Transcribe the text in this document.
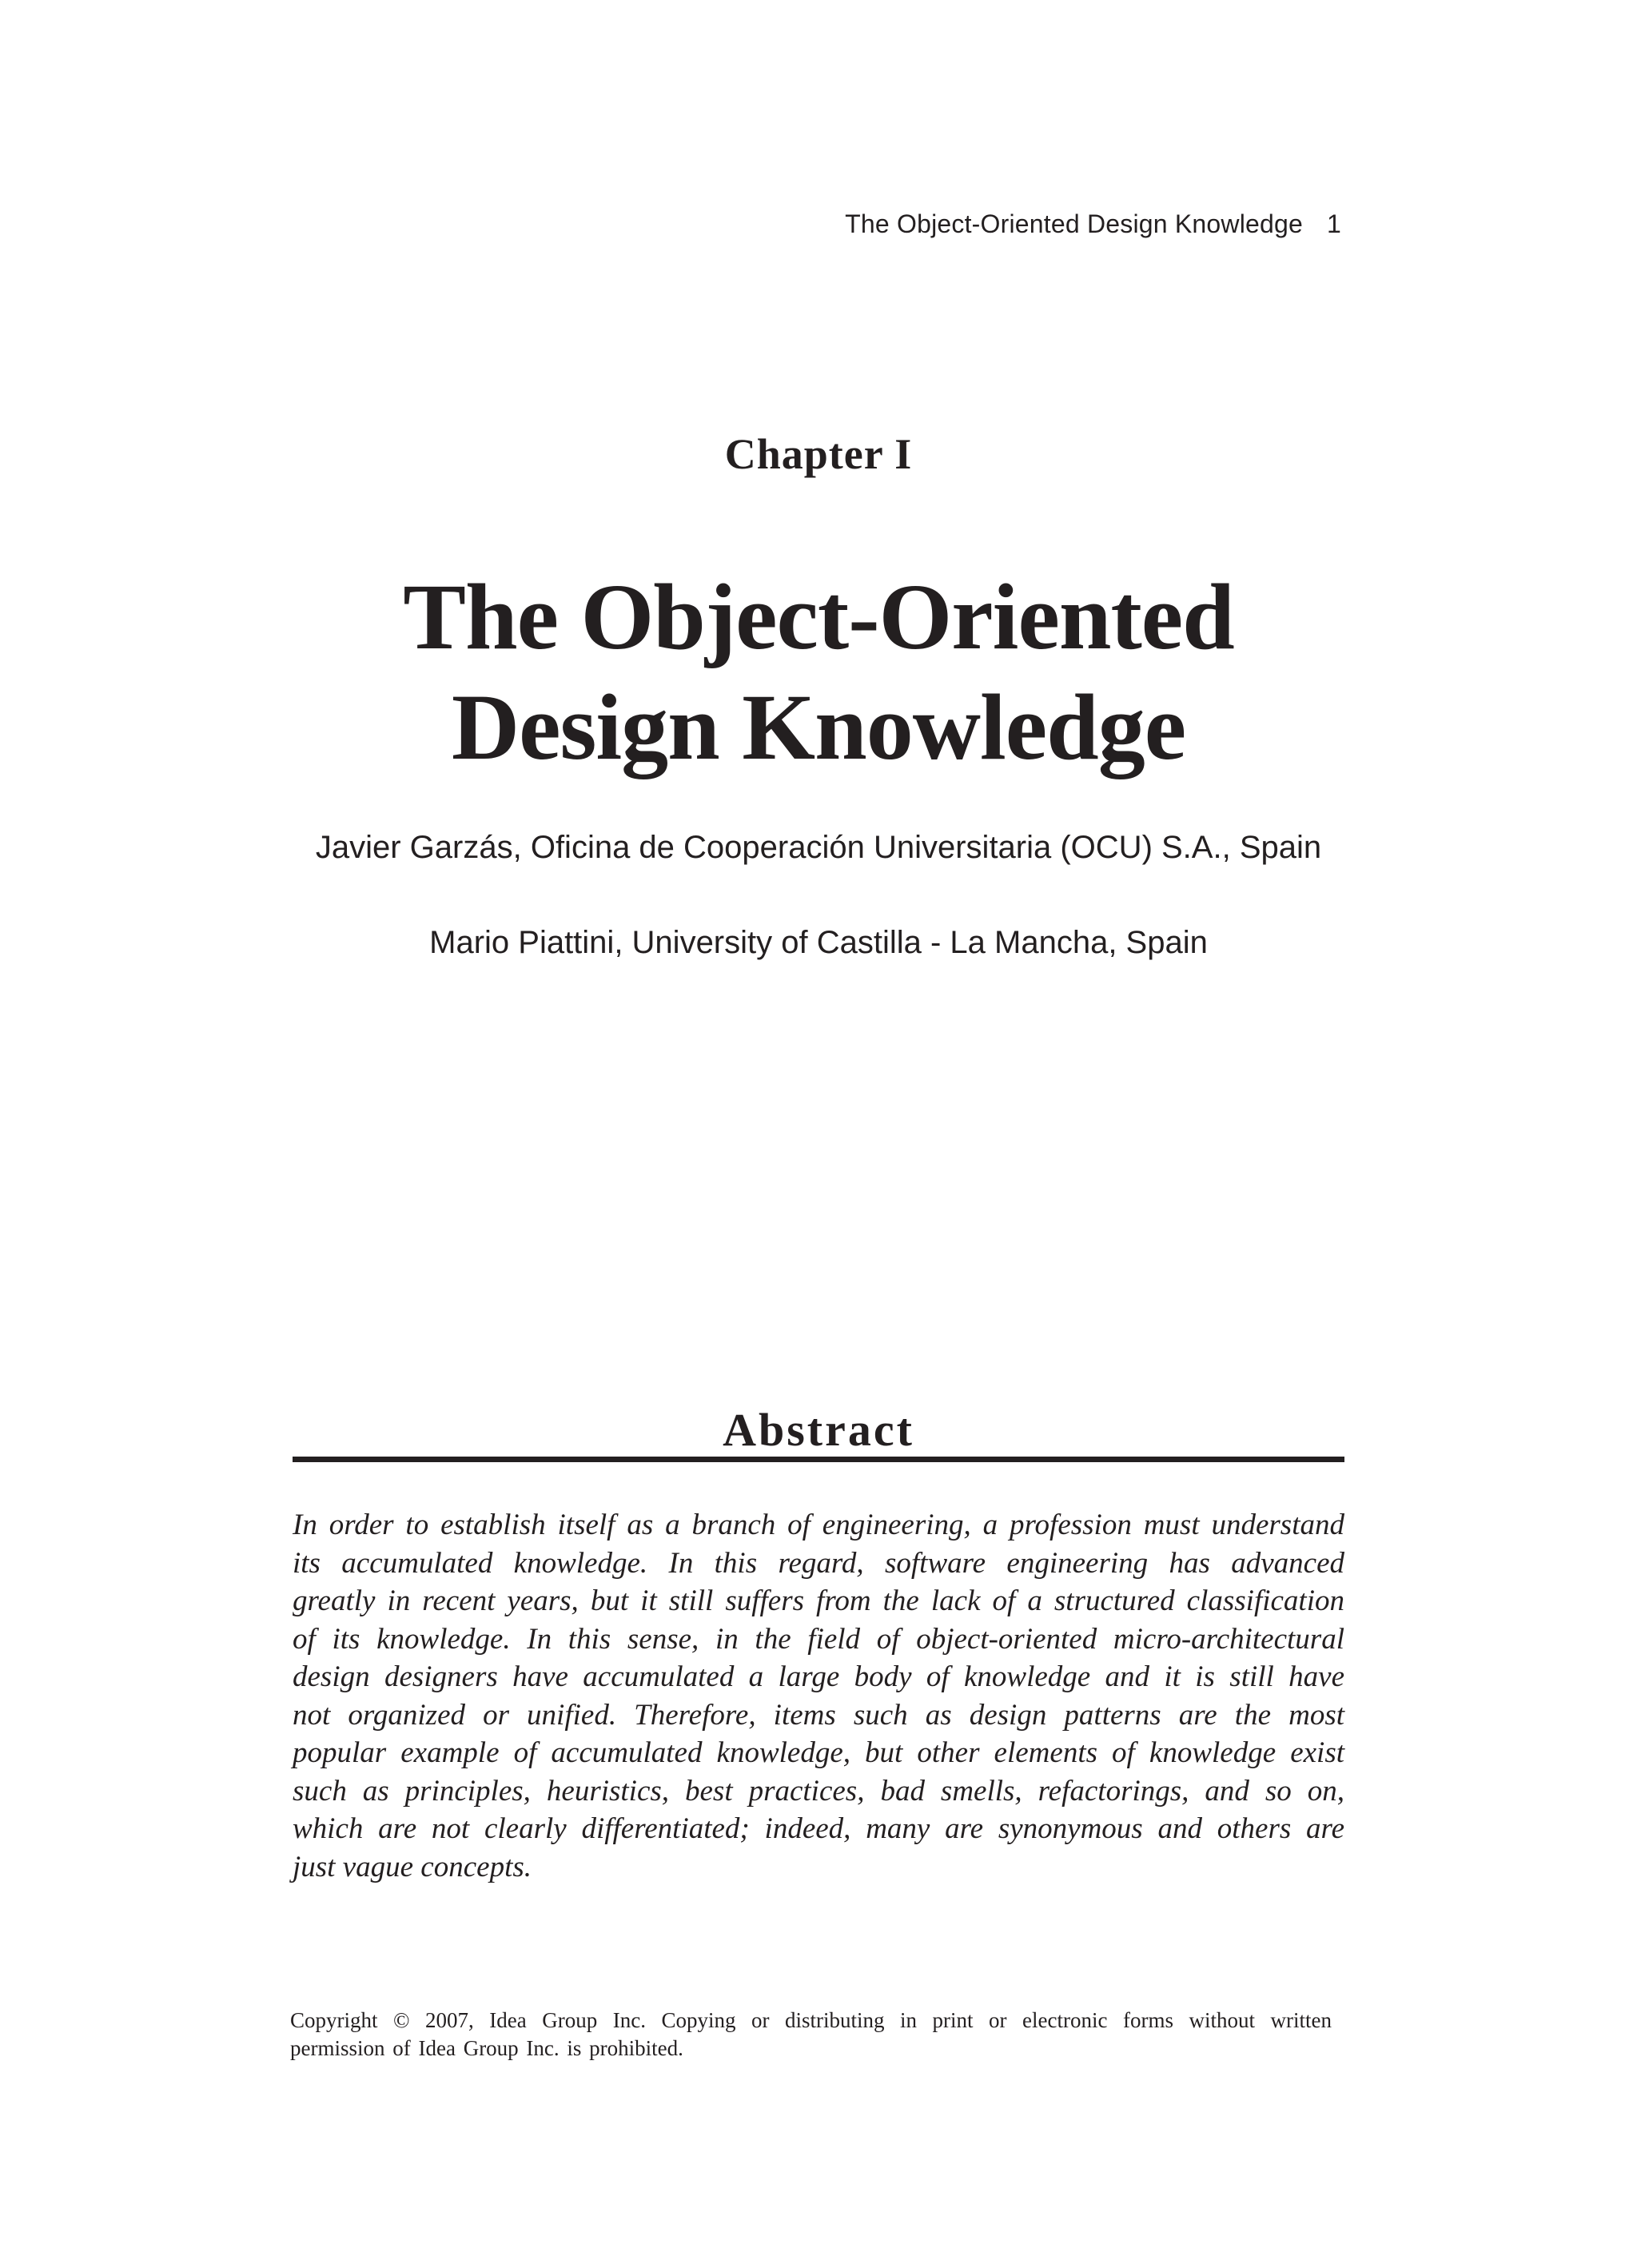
The Object-Oriented Design Knowledge 1
Chapter I
The Object-Oriented
Design Knowledge
Javier Garzás, Oficina de Cooperación Universitaria (OCU) S.A., Spain
Mario Piattini, University of Castilla - La Mancha, Spain
Abstract
In order to establish itself as a branch of engineering, a profession must understand
its accumulated knowledge. In this regard, software engineering has advanced
greatly in recent years, but it still suffers from the lack of a structured classification
of its knowledge. In this sense, in the field of object-oriented micro-architectural
design designers have accumulated a large body of knowledge and it is still have
not organized or unified. Therefore, items such as design patterns are the most
popular example of accumulated knowledge, but other elements of knowledge exist
such as principles, heuristics, best practices, bad smells, refactorings, and so on,
which are not clearly differentiated; indeed, many are synonymous and others are
just vague concepts.
Copyright © 2007, Idea Group Inc. Copying or distributing in print or electronic forms without written
permission of Idea Group Inc. is prohibited.
